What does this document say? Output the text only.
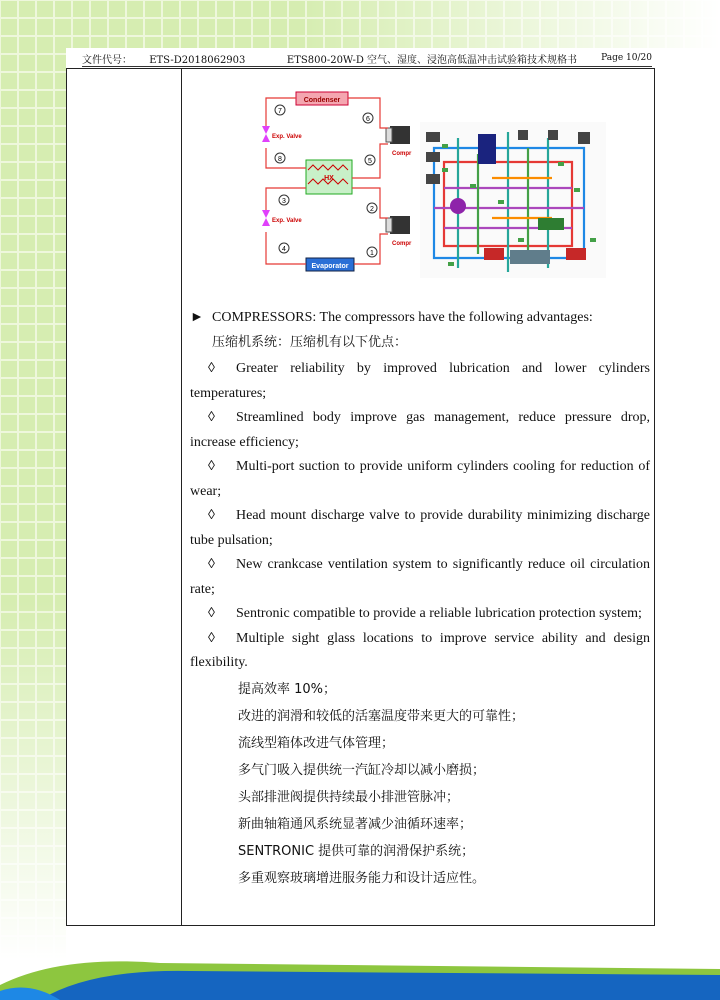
文件代号： ETS-D2018062903	ETS800-20W-D 空气、湿度、浸泡高低温冲击试验箱技术规格书	Page 10/20
Condenser
HX
Evaporator
Compr
Compr
Exp. Valve
Exp. Valve
7
8
6
5
3
4
2
1
► COMPRESSORS: The compressors have the following advantages:
压缩机系统：压缩机有以下优点：
◊ Greater reliability by improved lubrication and lower cylinders temperatures;
◊ Streamlined body improve gas management, reduce pressure drop, increase efficiency;
◊ Multi-port suction to provide uniform cylinders cooling for reduction of wear;
◊ Head mount discharge valve to provide durability minimizing discharge tube pulsation;
◊ New crankcase ventilation system to significantly reduce oil circulation rate;
◊ Sentronic compatible to provide a reliable lubrication protection system;
◊ Multiple sight glass locations to improve service ability and design flexibility.
提高效率 10%；
改进的润滑和较低的活塞温度带来更大的可靠性；
流线型箱体改进气体管理；
多气门吸入提供统一汽缸冷却以减小磨损；
头部排泄阀提供持续最小排泄管脉冲；
新曲轴箱通风系统显著减少油循环速率；
SENTRONIC 提供可靠的润滑保护系统；
多重观察玻璃增进服务能力和设计适应性。
